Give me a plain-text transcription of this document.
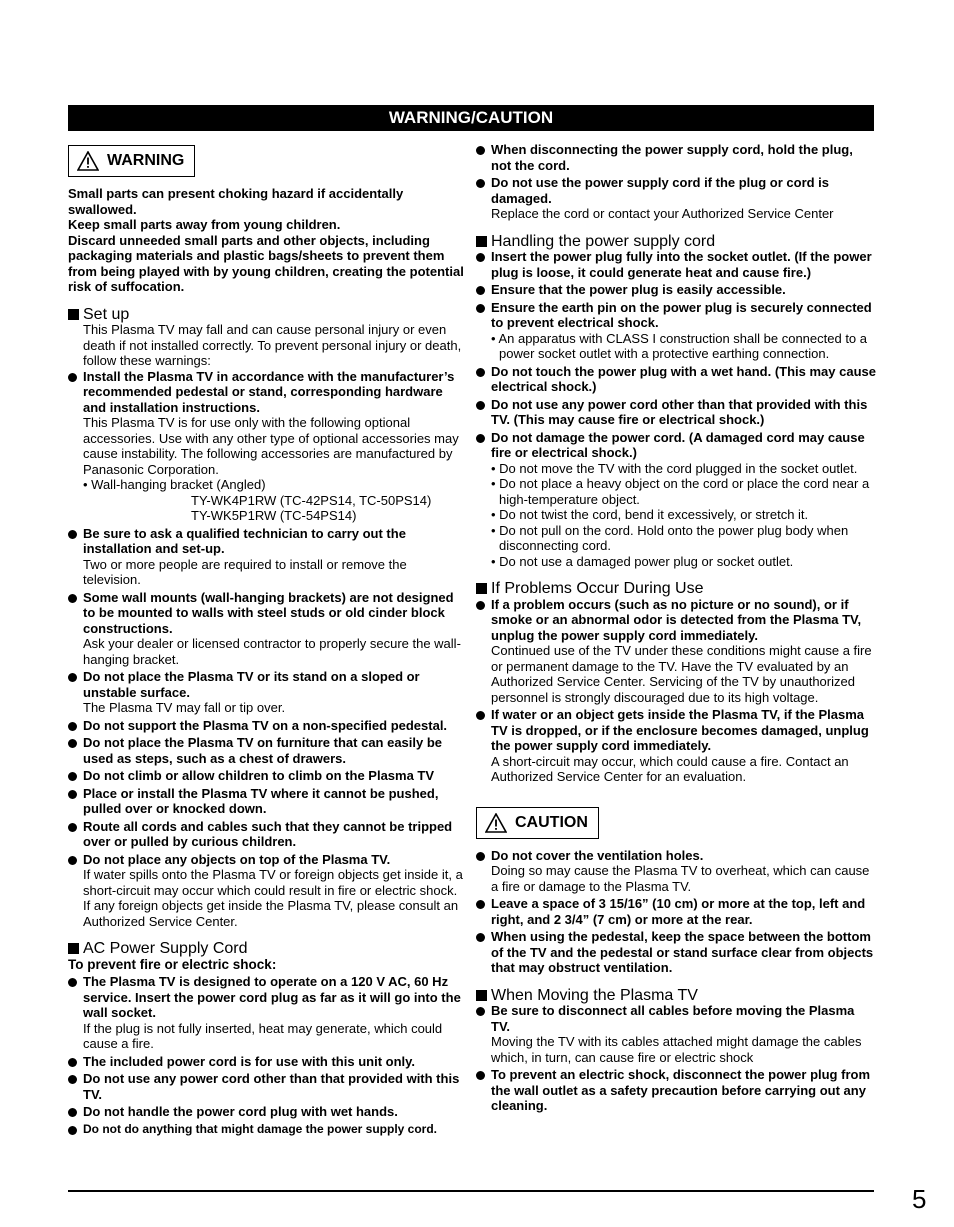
WARNING/CAUTION
WARNING

Small parts can present choking hazard if accidentally swallowed.

Keep small parts away from young children.

Discard unneeded small parts and other objects, including packaging materials and plastic bags/sheets to prevent them from being played with by young children, creating the potential risk of suffocation.

Set up

This Plasma TV may fall and can cause personal injury or even death if not installed correctly. To prevent personal injury or death, follow these warnings:

Install the Plasma TV in accordance with the manufacturer’s recommended pedestal or stand, corresponding hardware and installation instructions.
This Plasma TV is for use only with the following optional accessories. Use with any other type of optional accessories may cause instability. The following accessories are manufactured by Panasonic Corporation.
• Wall-hanging bracket (Angled)
TY-WK4P1RW (TC-42PS14, TC-50PS14)
TY-WK5P1RW (TC-54PS14)
Be sure to ask a qualified technician to carry out the installation and set-up.
Two or more people are required to install or remove the television.
Some wall mounts (wall-hanging brackets) are not designed to be mounted to walls with steel studs or old cinder block constructions.
Ask your dealer or licensed contractor to properly secure the wall-hanging bracket.
Do not place the Plasma TV or its stand on a sloped or unstable surface.
The Plasma TV may fall or tip over.
Do not support the Plasma TV on a non-specified pedestal.
Do not place the Plasma TV on furniture that can easily be used as steps, such as a chest of drawers.
Do not climb or allow children to climb on the Plasma TV
Place or install the Plasma TV where it cannot be pushed, pulled over or knocked down.
Route all cords and cables such that they cannot be tripped over or pulled by curious children.
Do not place any objects on top of the Plasma TV.
If water spills onto the Plasma TV or foreign objects get inside it, a short-circuit may occur which could result in fire or electric shock. If any foreign objects get inside the Plasma TV, please consult an Authorized Service Center.
AC Power Supply Cord

To prevent fire or electric shock:

The Plasma TV is designed to operate on a 120 V AC, 60 Hz service. Insert the power cord plug as far as it will go into the wall socket.
If the plug is not fully inserted, heat may generate, which could cause a fire.
The included power cord is for use with this unit only.
Do not use any power cord other than that provided with this TV.
Do not handle the power cord plug with wet hands.
Do not do anything that might damage the power supply cord.
When disconnecting the power supply cord, hold the plug, not the cord.
Do not use the power supply cord if the plug or cord is damaged.
Replace the cord or contact your Authorized Service Center
Handling the power supply cord
Insert the power plug fully into the socket outlet. (If the power plug is loose, it could generate heat and cause fire.)
Ensure that the power plug is easily accessible.
Ensure the earth pin on the power plug is securely connected to prevent electrical shock.
• An apparatus with CLASS I construction shall be connected to a power socket outlet with a protective earthing connection.
Do not touch the power plug with a wet hand. (This may cause electrical shock.)
Do not use any power cord other than that provided with this TV. (This may cause fire or electrical shock.)
Do not damage the power cord. (A damaged cord may cause fire or electrical shock.)
• Do not move the TV with the cord plugged in the socket outlet.
• Do not place a heavy object on the cord or place the cord near a high-temperature object.
• Do not twist the cord, bend it excessively, or stretch it.
• Do not pull on the cord. Hold onto the power plug body when disconnecting cord.
• Do not use a damaged power plug or socket outlet.
If Problems Occur During Use
If a problem occurs (such as no picture or no sound), or if smoke or an abnormal odor is detected from the Plasma TV, unplug the power supply cord immediately.
Continued use of the TV under these conditions might cause a fire or permanent damage to the TV. Have the TV evaluated by an Authorized Service Center. Servicing of the TV by unauthorized personnel is strongly discouraged due to its high voltage.
If water or an object gets inside the Plasma TV, if the Plasma TV is dropped, or if the enclosure becomes damaged, unplug the power supply cord immediately.
A short-circuit may occur, which could cause a fire. Contact an Authorized Service Center for an evaluation.
CAUTION
Do not cover the ventilation holes.
Doing so may cause the Plasma TV to overheat, which can cause a fire or damage to the Plasma TV.
Leave a space of 3 15/16” (10 cm) or more at the top, left and right, and 2 3/4” (7 cm) or more at the rear.
When using the pedestal, keep the space between the bottom of the TV and the pedestal or stand surface clear from objects that may obstruct ventilation.
When Moving the Plasma TV
Be sure to disconnect all cables before moving the Plasma TV.
Moving the TV with its cables attached might damage the cables which, in turn, can cause fire or electric shock
To prevent an electric shock, disconnect the power plug from the wall outlet as a safety precaution before carrying out any cleaning.
5
